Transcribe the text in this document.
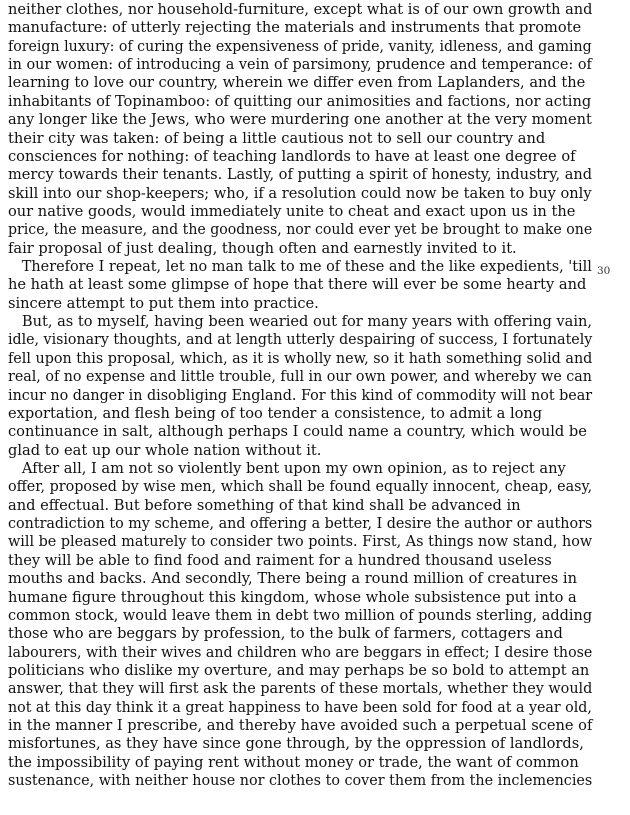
30
neither clothes, nor household-furniture, except what is of our own growth and
manufacture: of utterly rejecting the materials and instruments that promote
foreign luxury: of curing the expensiveness of pride, vanity, idleness, and gaming
in our women: of introducing a vein of parsimony, prudence and temperance: of
learning to love our country, wherein we differ even from Laplanders, and the
inhabitants of Topinamboo: of quitting our animosities and factions, nor acting
any longer like the Jews, who were murdering one another at the very moment
their city was taken: of being a little cautious not to sell our country and
consciences for nothing: of teaching landlords to have at least one degree of
mercy towards their tenants. Lastly, of putting a spirit of honesty, industry, and
skill into our shop-keepers; who, if a resolution could now be taken to buy only
our native goods, would immediately unite to cheat and exact upon us in the
price, the measure, and the goodness, nor could ever yet be brought to make one
fair proposal of just dealing, though often and earnestly invited to it.
Therefore I repeat, let no man talk to me of these and the like expedients, 'till
he hath at least some glimpse of hope that there will ever be some hearty and
sincere attempt to put them into practice.
But, as to myself, having been wearied out for many years with offering vain,
idle, visionary thoughts, and at length utterly despairing of success, I fortunately
fell upon this proposal, which, as it is wholly new, so it hath something solid and
real, of no expense and little trouble, full in our own power, and whereby we can
incur no danger in disobliging England. For this kind of commodity will not bear
exportation, and flesh being of too tender a consistence, to admit a long
continuance in salt, although perhaps I could name a country, which would be
glad to eat up our whole nation without it.
After all, I am not so violently bent upon my own opinion, as to reject any
offer, proposed by wise men, which shall be found equally innocent, cheap, easy,
and effectual. But before something of that kind shall be advanced in
contradiction to my scheme, and offering a better, I desire the author or authors
will be pleased maturely to consider two points. First, As things now stand, how
they will be able to find food and raiment for a hundred thousand useless
mouths and backs. And secondly, There being a round million of creatures in
humane figure throughout this kingdom, whose whole subsistence put into a
common stock, would leave them in debt two million of pounds sterling, adding
those who are beggars by profession, to the bulk of farmers, cottagers and
labourers, with their wives and children who are beggars in effect; I desire those
politicians who dislike my overture, and may perhaps be so bold to attempt an
answer, that they will first ask the parents of these mortals, whether they would
not at this day think it a great happiness to have been sold for food at a year old,
in the manner I prescribe, and thereby have avoided such a perpetual scene of
misfortunes, as they have since gone through, by the oppression of landlords,
the impossibility of paying rent without money or trade, the want of common
sustenance, with neither house nor clothes to cover them from the inclemencies
